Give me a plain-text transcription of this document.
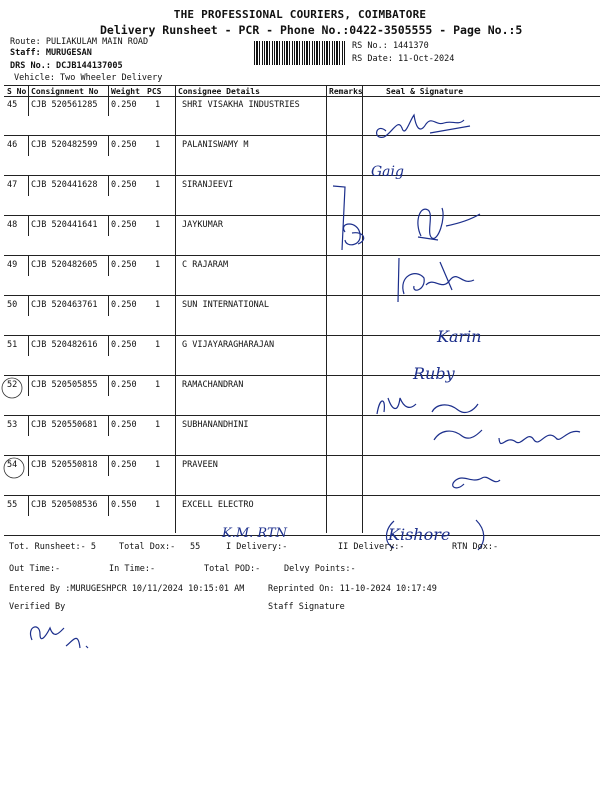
THE PROFESSIONAL COURIERS, COIMBATORE
Delivery Runsheet - PCR - Phone No.:0422-3505555 - Page No.:5
Route: PULIAKULAM MAIN ROAD
Staff: MURUGESAN
DRS No.: DCJB144137005
Vehicle: Two Wheeler Delivery
RS No.: 1441370
RS Date: 11-Oct-2024
S No Consignment No Weight PCS Consignee Details	Remarks	Seal & Signature
45 CJB 520561285 0.250 1	SHRI VISAKHA INDUSTRIES
46 CJB 520482599 0.250 1	PALANISWAMY M
47 CJB 520441628 0.250 1	SIRANJEEVI
48 CJB 520441641 0.250 1	JAYKUMAR
49 CJB 520482605 0.250 1	C RAJARAM
50 CJB 520463761 0.250 1	SUN INTERNATIONAL
51 CJB 520482616 0.250 1	G VIJAYARAGHARAJAN
52 CJB 520505855 0.250 1	RAMACHANDRAN
53 CJB 520550681 0.250 1	SUBHANANDHINI
54 CJB 520550818 0.250 1	PRAVEEN
55 CJB 520508536 0.550 1	EXCELL ELECTRO
Gaig
Karin
Ruby
K.M. RTN	Kishore
Tot. Runsheet:- 5	Total Dox:- 55	I Delivery:-	II Delivery:-	RTN Dox:-
Out Time:-	In Time:-	Total POD:-	Delvy Points:-
Entered By :MURUGESHPCR 10/11/2024 10:15:01 AM	Reprinted On: 11-10-2024 10:17:49
Verified By	Staff Signature
